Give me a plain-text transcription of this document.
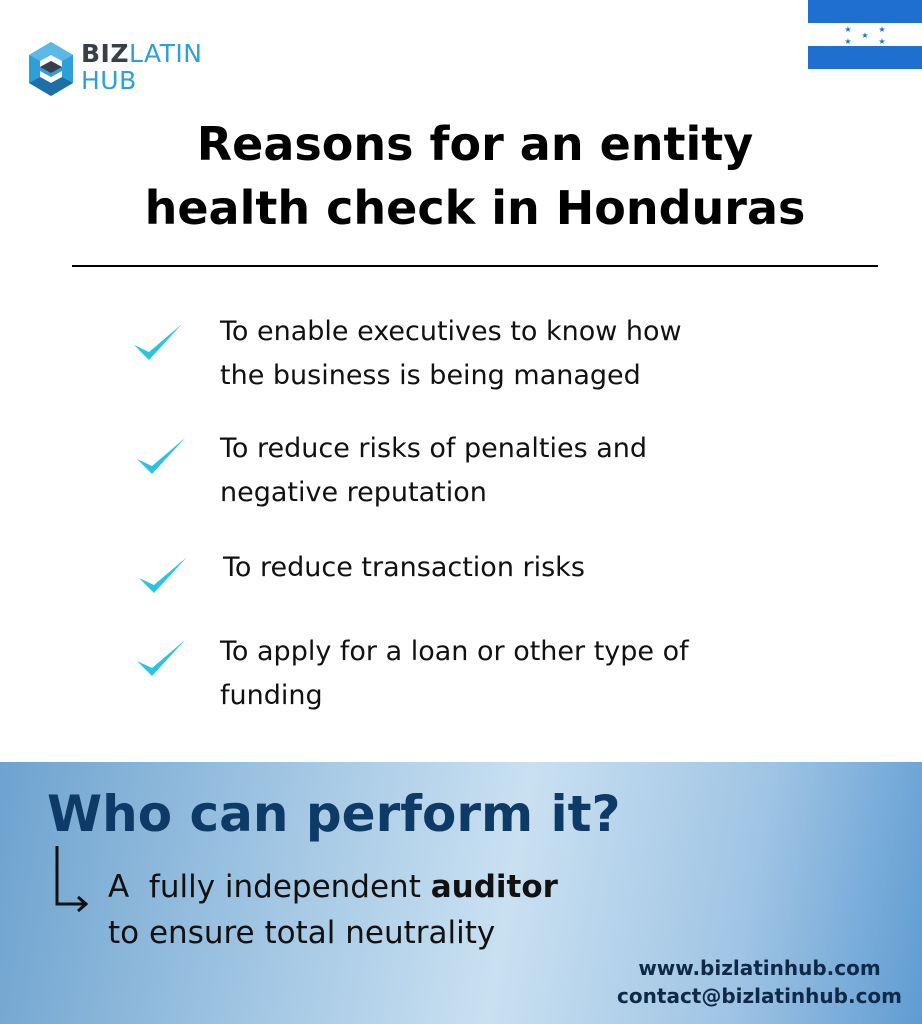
BIZLATIN
HUB
★	★
★
★	★
Reasons for an entity
health check in Honduras
To enable executives to know how
the business is being managed
To reduce risks of penalties and
negative reputation
To reduce transaction risks
To apply for a loan or other type of
funding
Who can perform it?
A  fully independent auditor
to ensure total neutrality
www.bizlatinhub.com
contact@bizlatinhub.com
